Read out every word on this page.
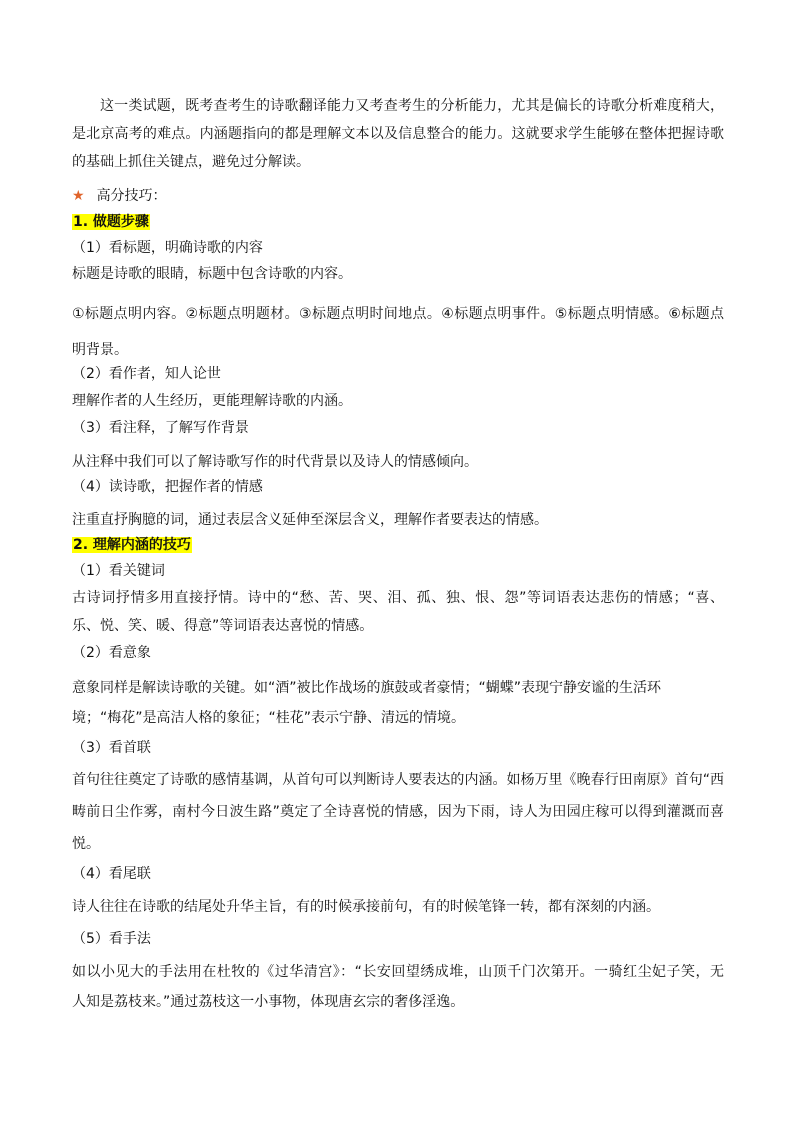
这一类试题，既考查考生的诗歌翻译能力又考查考生的分析能力，尤其是偏长的诗歌分析难度稍大，
是北京高考的难点。内涵题指向的都是理解文本以及信息整合的能力。这就要求学生能够在整体把握诗歌
的基础上抓住关键点，避免过分解读。
★ 高分技巧：
1. 做题步骤
（1）看标题，明确诗歌的内容
标题是诗歌的眼睛，标题中包含诗歌的内容。
①标题点明内容。②标题点明题材。③标题点明时间地点。④标题点明事件。⑤标题点明情感。⑥标题点
明背景。
（2）看作者，知人论世
理解作者的人生经历，更能理解诗歌的内涵。
（3）看注释，了解写作背景
从注释中我们可以了解诗歌写作的时代背景以及诗人的情感倾向。
（4）读诗歌，把握作者的情感
注重直抒胸臆的词，通过表层含义延伸至深层含义，理解作者要表达的情感。
2. 理解内涵的技巧
（1）看关键词
古诗词抒情多用直接抒情。诗中的“愁、苦、哭、泪、孤、独、恨、怨”等词语表达悲伤的情感；“喜、
乐、悦、笑、暖、得意”等词语表达喜悦的情感。
（2）看意象
意象同样是解读诗歌的关键。如“酒”被比作战场的旗鼓或者豪情；“蝴蝶”表现宁静安谧的生活环
境；“梅花”是高洁人格的象征；“桂花”表示宁静、清远的情境。
（3）看首联
首句往往奠定了诗歌的感情基调，从首句可以判断诗人要表达的内涵。如杨万里《晚春行田南原》首句“西
畴前日尘作雾，南村今日波生路”奠定了全诗喜悦的情感，因为下雨，诗人为田园庄稼可以得到灌溉而喜
悦。
（4）看尾联
诗人往往在诗歌的结尾处升华主旨，有的时候承接前句，有的时候笔锋一转，都有深刻的内涵。
（5）看手法
如以小见大的手法用在杜牧的《过华清宫》：“长安回望绣成堆，山顶千门次第开。一骑红尘妃子笑，无
人知是荔枝来。”通过荔枝这一小事物，体现唐玄宗的奢侈淫逸。
